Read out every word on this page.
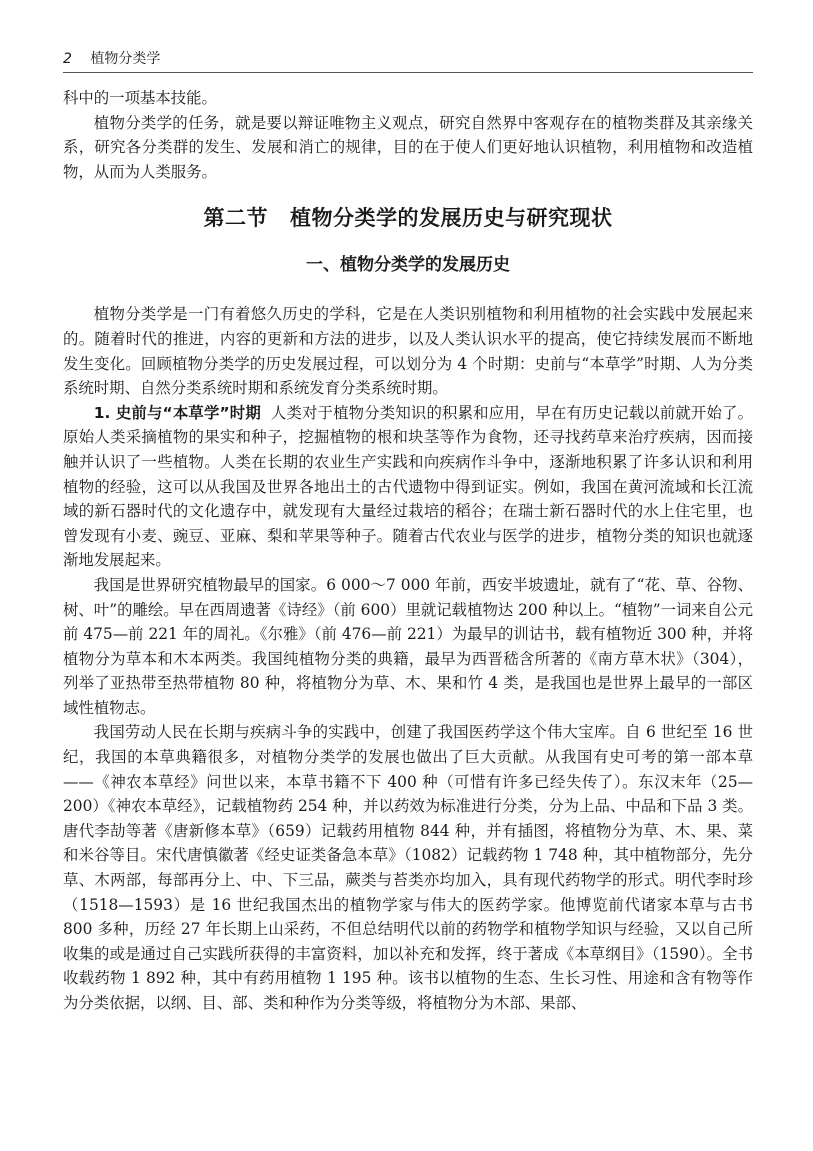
2 植物分类学

科中的一项基本技能。

植物分类学的任务，就是要以辩证唯物主义观点，研究自然界中客观存在的植物类群及其亲缘关系，研究各分类群的发生、发展和消亡的规律，目的在于使人们更好地认识植物，利用植物和改造植物，从而为人类服务。

第二节 植物分类学的发展历史与研究现状
一、植物分类学的发展历史

植物分类学是一门有着悠久历史的学科，它是在人类识别植物和利用植物的社会实践中发展起来的。随着时代的推进，内容的更新和方法的进步，以及人类认识水平的提高，使它持续发展而不断地发生变化。回顾植物分类学的历史发展过程，可以划分为 4 个时期：史前与“本草学”时期、人为分类系统时期、自然分类系统时期和系统发育分类系统时期。

1. 史前与“本草学”时期 人类对于植物分类知识的积累和应用，早在有历史记载以前就开始了。原始人类采摘植物的果实和种子，挖掘植物的根和块茎等作为食物，还寻找药草来治疗疾病，因而接触并认识了一些植物。人类在长期的农业生产实践和向疾病作斗争中，逐渐地积累了许多认识和利用植物的经验，这可以从我国及世界各地出土的古代遗物中得到证实。例如，我国在黄河流域和长江流域的新石器时代的文化遗存中，就发现有大量经过栽培的稻谷；在瑞士新石器时代的水上住宅里，也曾发现有小麦、豌豆、亚麻、梨和苹果等种子。随着古代农业与医学的进步，植物分类的知识也就逐渐地发展起来。

我国是世界研究植物最早的国家。6 000～7 000 年前，西安半坡遗址，就有了“花、草、谷物、树、叶”的雕绘。早在西周遗著《诗经》（前 600）里就记载植物达 200 种以上。“植物”一词来自公元前 475—前 221 年的周礼。《尔雅》（前 476—前 221）为最早的训诂书，载有植物近 300 种，并将植物分为草本和木本两类。我国纯植物分类的典籍，最早为西晋嵇含所著的《南方草木状》（304），列举了亚热带至热带植物 80 种，将植物分为草、木、果和竹 4 类，是我国也是世界上最早的一部区域性植物志。

我国劳动人民在长期与疾病斗争的实践中，创建了我国医药学这个伟大宝库。自 6 世纪至 16 世纪，我国的本草典籍很多，对植物分类学的发展也做出了巨大贡献。从我国有史可考的第一部本草——《神农本草经》问世以来，本草书籍不下 400 种（可惜有许多已经失传了）。东汉末年（25—200）《神农本草经》，记载植物药 254 种，并以药效为标准进行分类，分为上品、中品和下品 3 类。唐代李劼等著《唐新修本草》（659）记载药用植物 844 种，并有插图，将植物分为草、木、果、菜和米谷等目。宋代唐慎徽著《经史证类备急本草》（1082）记载药物 1 748 种，其中植物部分，先分草、木两部，每部再分上、中、下三品，蕨类与苔类亦均加入，具有现代药物学的形式。明代李时珍（1518—1593）是 16 世纪我国杰出的植物学家与伟大的医药学家。他博览前代诸家本草与古书 800 多种，历经 27 年长期上山采药，不但总结明代以前的药物学和植物学知识与经验，又以自己所收集的或是通过自己实践所获得的丰富资料，加以补充和发挥，终于著成《本草纲目》（1590）。全书收载药物 1 892 种，其中有药用植物 1 195 种。该书以植物的生态、生长习性、用途和含有物等作为分类依据，以纲、目、部、类和种作为分类等级，将植物分为木部、果部、
